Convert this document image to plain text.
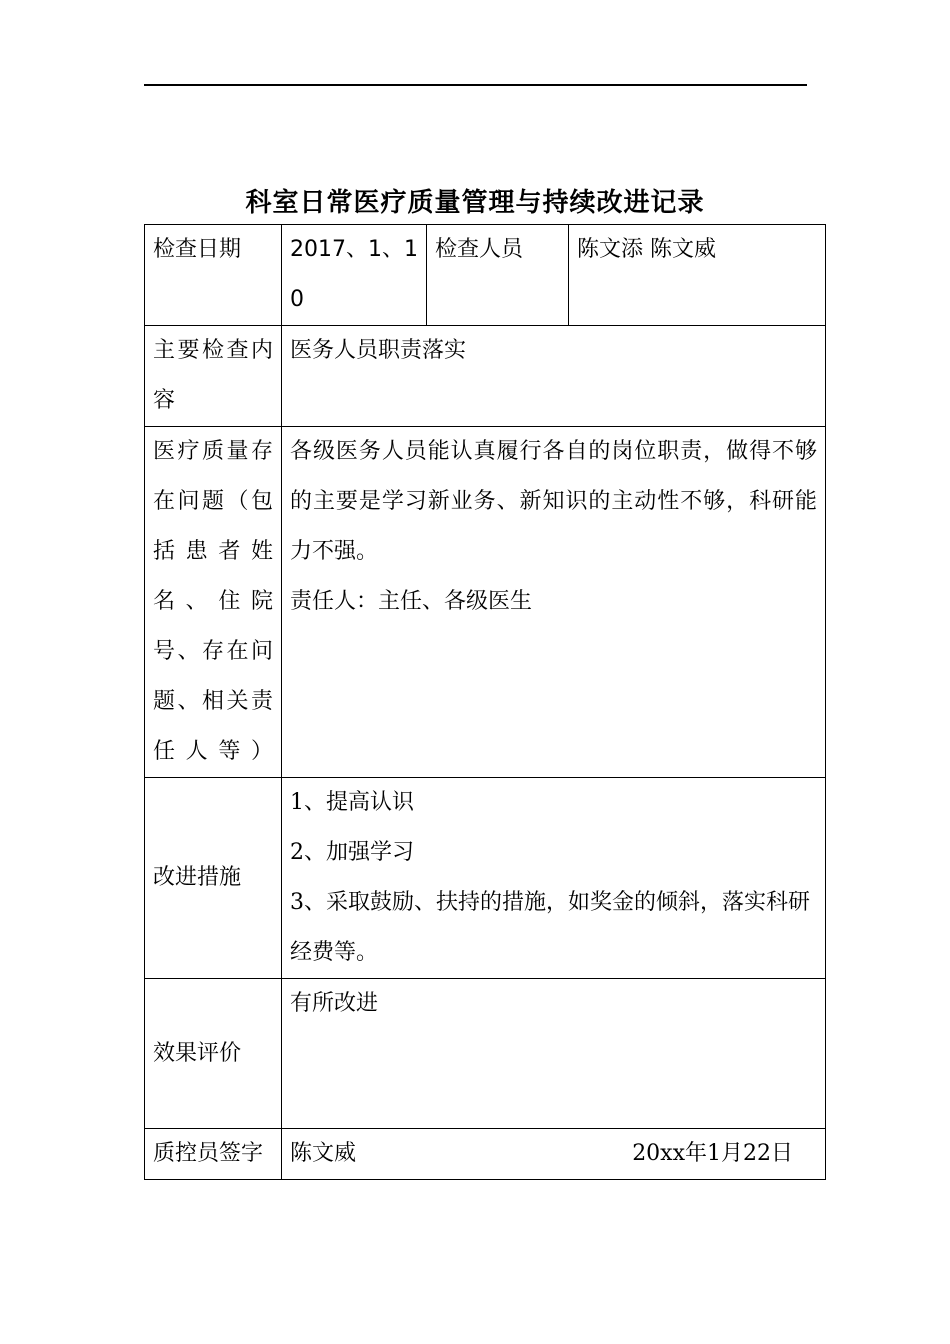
科室日常医疗质量管理与持续改进记录
检查日期	2017、1、10	检查人员	陈文添 陈文威
主要检查内容	医务人员职责落实		
医疗质量存在问题（包括患者姓名、住院号、存在问题、相关责任人等）	各级医务人员能认真履行各自的岗位职责，做得不够的主要是学习新业务、新知识的主动性不够，科研能力不强。
责任人：主任、各级医生		

改进措施	1、提高认识
2、加强学习
3、采取鼓励、扶持的措施，如奖金的倾斜，落实科研经费等。		

效果评价	有所改进		
质控员签字	陈文威 20xx年1月22日		
